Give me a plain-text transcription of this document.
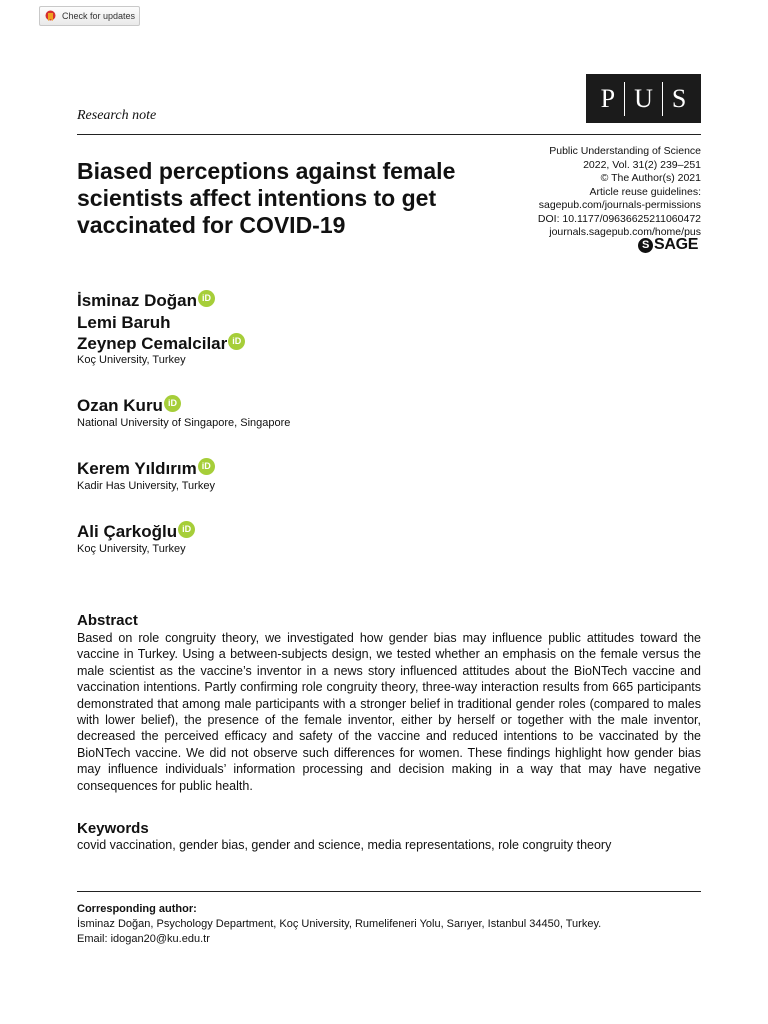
Check for updates
P U S
Research note
Biased perceptions against female
scientists affect intentions to get
vaccinated for COVID-19
Public Understanding of Science
2022, Vol. 31(2) 239–251
© The Author(s) 2021
Article reuse guidelines:
sagepub.com/journals-permissions
DOI: 10.1177/09636625211060472
journals.sagepub.com/home/pus
S SAGE
İsminaz Doğan iD
Lemi Baruh
Zeynep Cemalcilar iD
Koç University, Turkey
Ozan Kuru iD
National University of Singapore, Singapore
Kerem Yıldırım iD
Kadir Has University, Turkey
Ali Çarkoğlu iD
Koç University, Turkey
Abstract

Based on role congruity theory, we investigated how gender bias may influence public attitudes toward the vaccine in Turkey. Using a between-subjects design, we tested whether an emphasis on the female versus the male scientist as the vaccine’s inventor in a news story influenced attitudes about the BioNTech vaccine and vaccination intentions. Partly confirming role congruity theory, three-way interaction results from 665 participants demonstrated that among male participants with a stronger belief in traditional gender roles (compared to males with lower belief), the presence of the female inventor, either by herself or together with the male inventor, decreased the perceived efficacy and safety of the vaccine and reduced intentions to be vaccinated by the BioNTech vaccine. We did not observe such differences for women. These findings highlight how gender bias may influence individuals’ information processing and decision making in a way that may have negative consequences for public health.

Keywords
covid vaccination, gender bias, gender and science, media representations, role congruity theory
Corresponding author:
İsminaz Doğan, Psychology Department, Koç University, Rumelifeneri Yolu, Sarıyer, Istanbul 34450, Turkey.
Email: idogan20@ku.edu.tr
